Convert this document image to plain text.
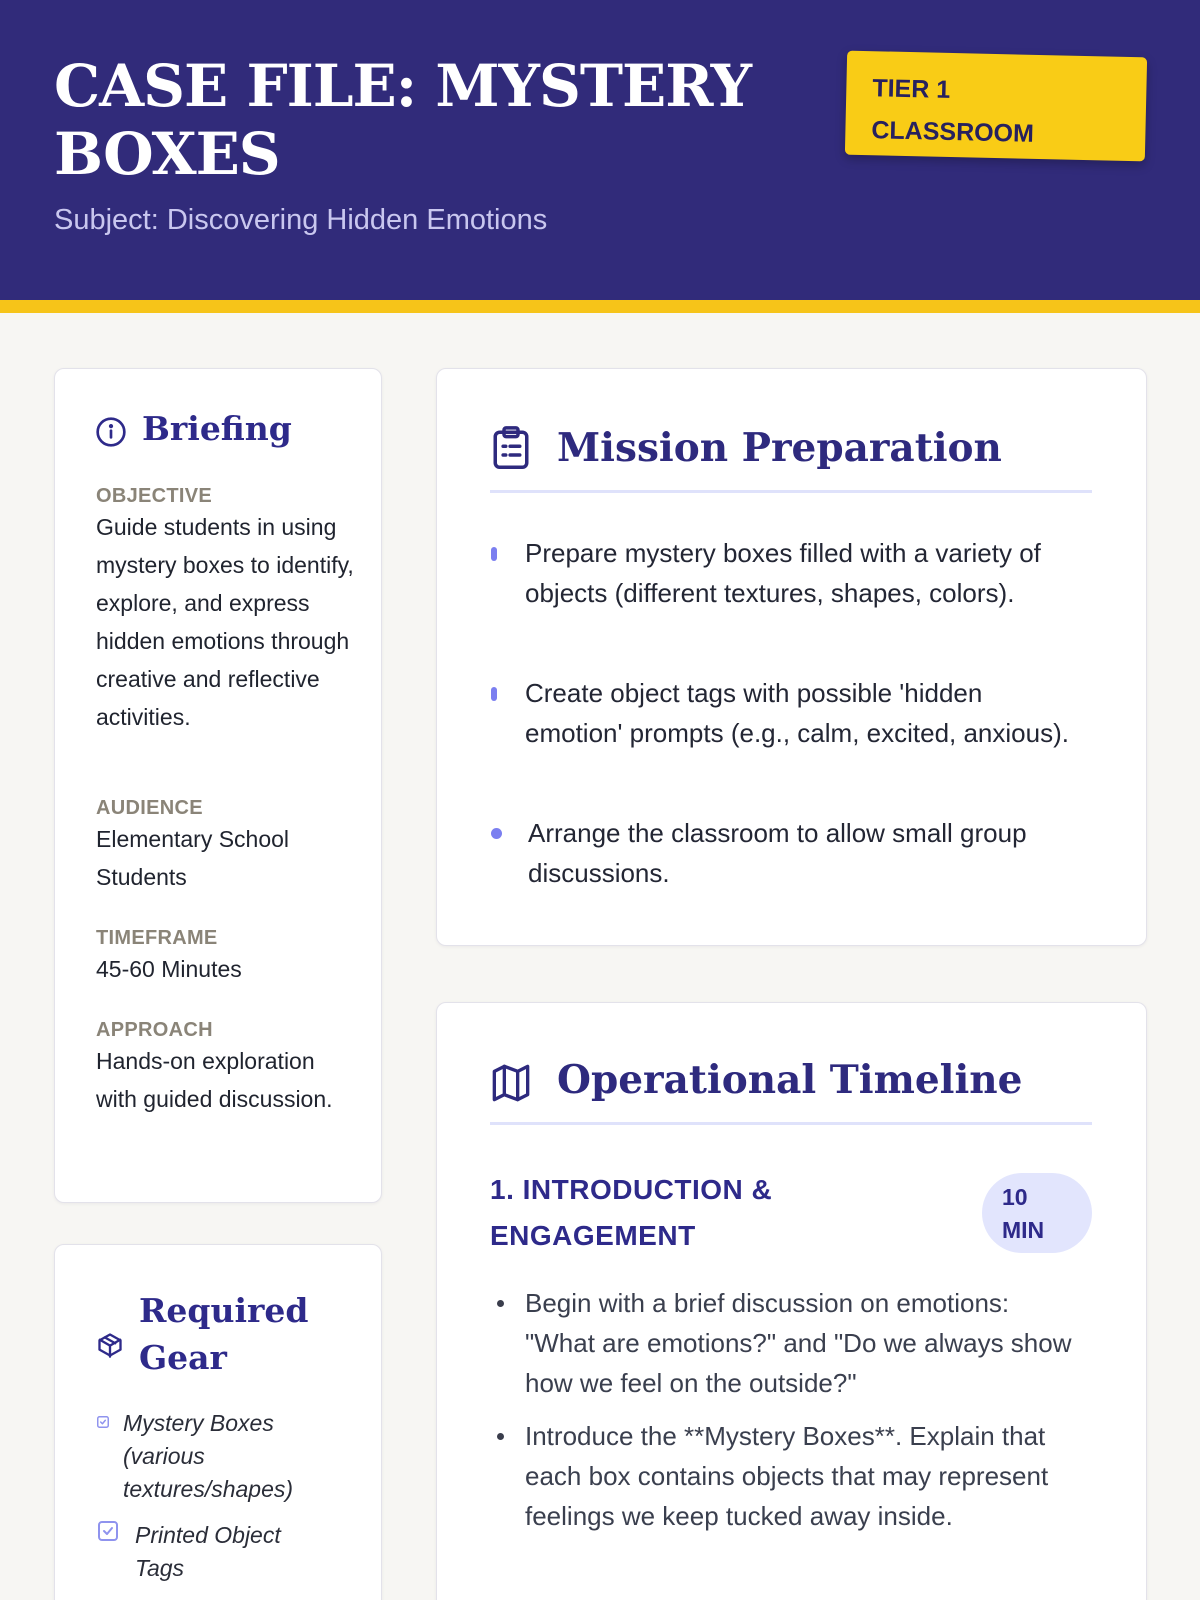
CASE FILE: MYSTERY BOXES
Subject: Discovering Hidden Emotions
TIER 1
CLASSROOM
Briefing
OBJECTIVE
Guide students in using mystery boxes to identify, explore, and express hidden emotions through creative and reflective activities.
AUDIENCE
Elementary School Students
TIMEFRAME
45-60 Minutes
APPROACH
Hands-on exploration with guided discussion.
Required
Gear
Mystery Boxes (various textures/shapes)
Printed Object Tags
Mission Preparation
Prepare mystery boxes filled with a variety of objects (different textures, shapes, colors).
Create object tags with possible 'hidden emotion' prompts (e.g., calm, excited, anxious).
Arrange the classroom to allow small group discussions.
Operational Timeline
1. INTRODUCTION & ENGAGEMENT
10
MIN
Begin with a brief discussion on emotions: "What are emotions?" and "Do we always show how we feel on the outside?"
Introduce the **Mystery Boxes**. Explain that each box contains objects that may represent feelings we keep tucked away inside.
